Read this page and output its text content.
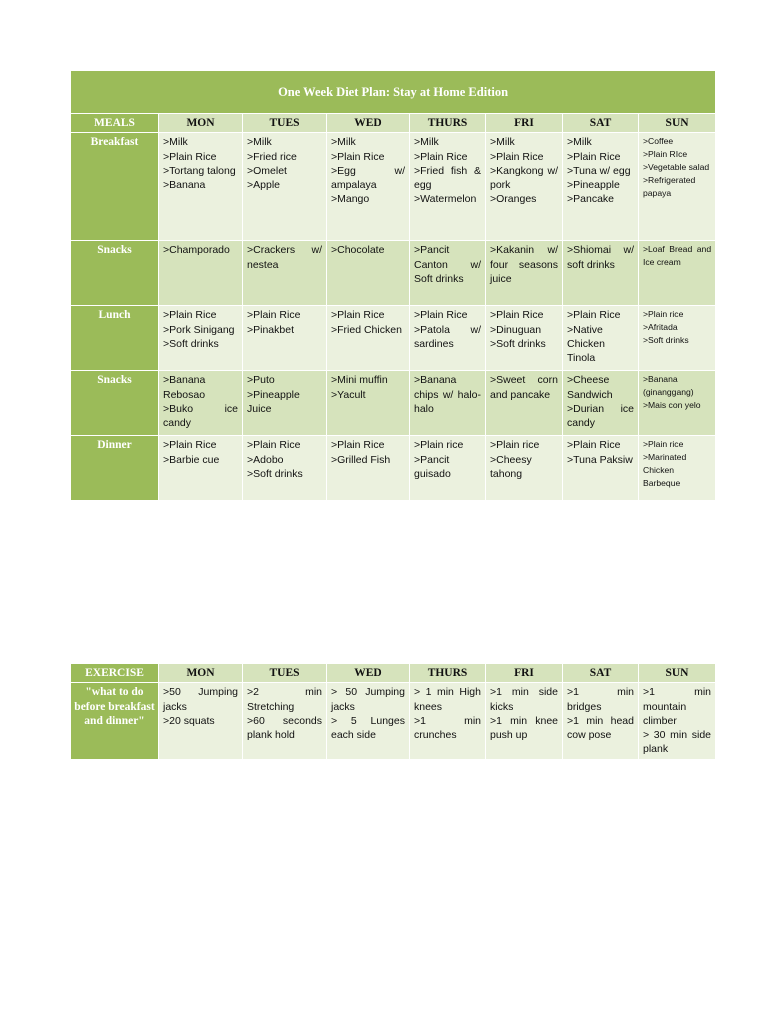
One Week Diet Plan: Stay at Home Edition							
MEALS	MON	TUES	WED	THURS	FRI	SAT	SUN
Breakfast	>Milk
>Plain Rice
>Tortang talong
>Banana	>Milk
>Fried rice
>Omelet
>Apple	>Milk
>Plain Rice
>Egg w/ ampalaya
>Mango	>Milk
>Plain Rice
>Fried fish & egg
>Watermelon	>Milk
>Plain Rice
>Kangkong w/ pork
>Oranges	>Milk
>Plain Rice
>Tuna w/ egg
>Pineapple
>Pancake	>Coffee
>Plain RIce
>Vegetable salad
>Refrigerated papaya

Snacks	>Champorado	>Crackers w/ nestea	>Chocolate	>Pancit Canton w/ Soft drinks	>Kakanin w/ four seasons juice	>Shiomai w/ soft drinks	>Loaf Bread and Ice cream

Lunch	>Plain Rice
>Pork Sinigang
>Soft drinks	>Plain Rice
>Pinakbet	>Plain Rice
>Fried Chicken	>Plain Rice
>Patola w/ sardines	>Plain Rice
>Dinuguan
>Soft drinks	>Plain Rice
>Native Chicken Tinola	>Plain rice
>Afritada
>Soft drinks

Snacks	>Banana Rebosao
>Buko ice candy	>Puto
>Pineapple Juice	>Mini muffin
>Yacult	>Banana chips w/ halo-halo	>Sweet corn and pancake	>Cheese Sandwich
>Durian ice candy	>Banana (ginanggang)
>Mais con yelo

Dinner	>Plain Rice
>Barbie cue	>Plain Rice
>Adobo
>Soft drinks	>Plain Rice
>Grilled Fish	>Plain rice
>Pancit guisado	>Plain rice
>Cheesy tahong	>Plain Rice
>Tuna Paksiw	>Plain rice
>Marinated Chicken Barbeque
EXERCISE	MON	TUES	WED	THURS	FRI	SAT	SUN
"what to do before breakfast and dinner"	>50 Jumping jacks
>20 squats	>2 min Stretching
>60 seconds plank hold	> 50 Jumping jacks
> 5 Lunges each side	> 1 min High knees
>1 min crunches	>1 min side kicks
>1 min knee push up	>1 min bridges
>1 min head cow pose	>1 min mountain climber
> 30 min side plank
